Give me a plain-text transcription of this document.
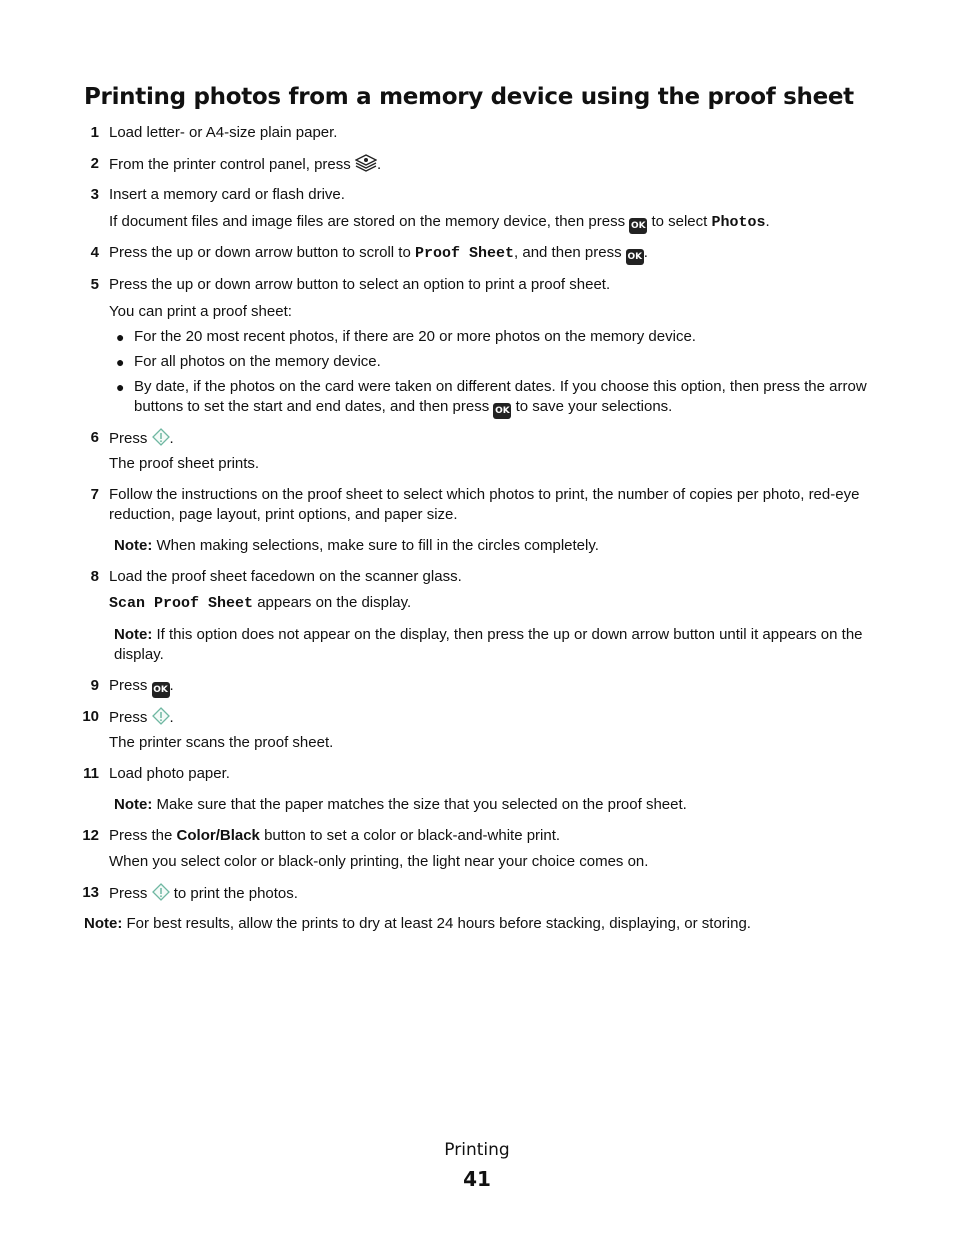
Printing photos from a memory device using the proof sheet
1 Load letter- or A4-size plain paper.
2 From the printer control panel, press .
3 Insert a memory card or flash drive.
If document files and image files are stored on the memory device, then press OK to select Photos.
4 Press the up or down arrow button to scroll to Proof Sheet, and then press OK .
5 Press the up or down arrow button to select an option to print a proof sheet.
You can print a proof sheet:
● For the 20 most recent photos, if there are 20 or more photos on the memory device.
● For all photos on the memory device.
● By date, if the photos on the card were taken on different dates. If you choose this option, then press the arrow buttons to set the start and end dates, and then press OK to save your selections.
6 Press .
The proof sheet prints.
7 Follow the instructions on the proof sheet to select which photos to print, the number of copies per photo, red-eye reduction, page layout, print options, and paper size.
Note: When making selections, make sure to fill in the circles completely.
8 Load the proof sheet facedown on the scanner glass.
Scan Proof Sheet appears on the display.
Note: If this option does not appear on the display, then press the up or down arrow button until it appears on the display.
9 Press OK .
10 Press .
The printer scans the proof sheet.
11 Load photo paper.
Note: Make sure that the paper matches the size that you selected on the proof sheet.
12 Press the Color/Black button to set a color or black-and-white print.
When you select color or black-only printing, the light near your choice comes on.
13 Press to print the photos.
Note: For best results, allow the prints to dry at least 24 hours before stacking, displaying, or storing.
Printing
41
